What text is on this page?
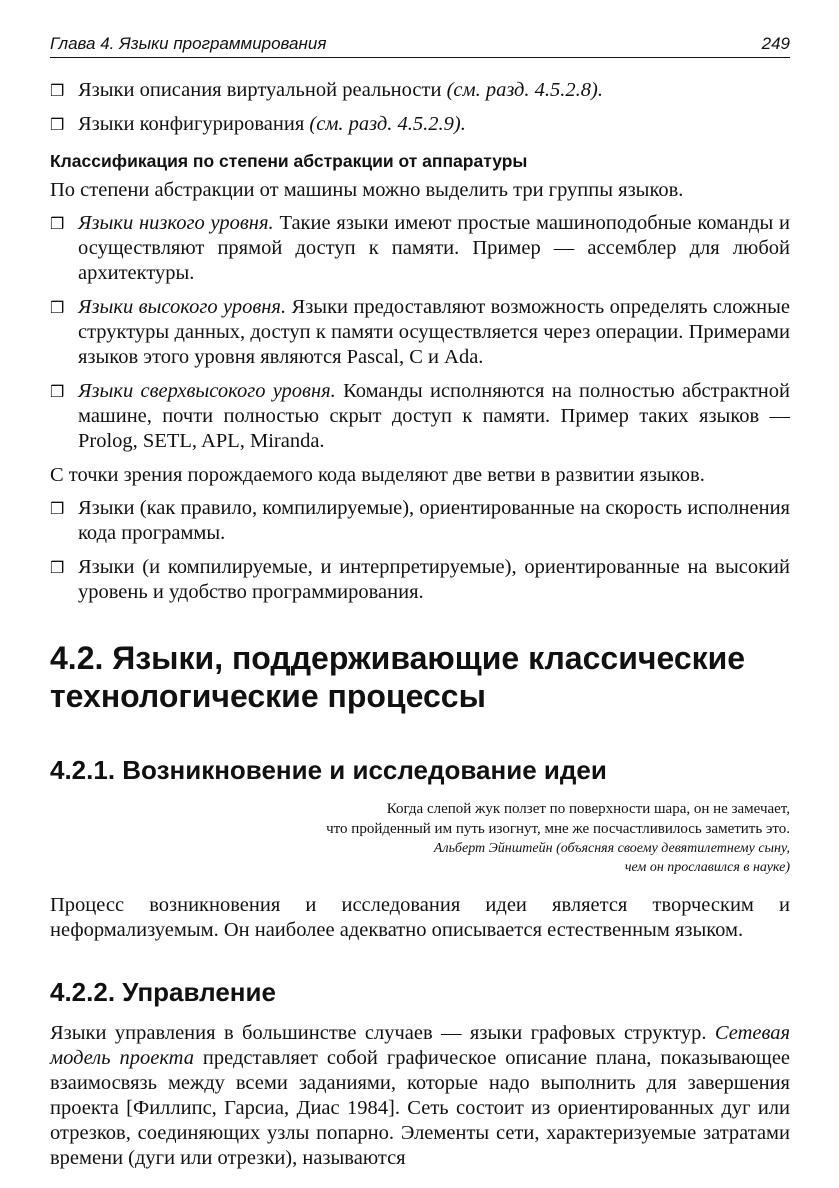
Глава 4. Языки программирования	249
❒ Языки описания виртуальной реальности (см. разд. 4.5.2.8).
❒ Языки конфигурирования (см. разд. 4.5.2.9).
Классификация по степени абстракции от аппаратуры

По степени абстракции от машины можно выделить три группы языков.

❒ Языки низкого уровня. Такие языки имеют простые машиноподобные команды и осуществляют прямой доступ к памяти. Пример — ассемблер для любой архитектуры.
❒ Языки высокого уровня. Языки предоставляют возможность определять сложные структуры данных, доступ к памяти осуществляется через операции. Примерами языков этого уровня являются Pascal, С и Ada.
❒ Языки сверхвысокого уровня. Команды исполняются на полностью абстрактной машине, почти полностью скрыт доступ к памяти. Пример таких языков — Prolog, SETL, APL, Miranda.

С точки зрения порождаемого кода выделяют две ветви в развитии языков.

❒ Языки (как правило, компилируемые), ориентированные на скорость исполнения кода программы.
❒ Языки (и компилируемые, и интерпретируемые), ориентированные на высокий уровень и удобство программирования.
4.2. Языки, поддерживающие классические технологические процессы
4.2.1. Возникновение и исследование идеи
Когда слепой жук ползет по поверхности шара, он не замечает,
что пройденный им путь изогнут, мне же посчастливилось заметить это.
Альберт Эйнштейн (объясняя своему девятилетнему сыну,
чем он прославился в науке)

Процесс возникновения и исследования идеи является творческим и неформализуемым. Он наиболее адекватно описывается естественным языком.

4.2.2. Управление

Языки управления в большинстве случаев — языки графовых структур. Сетевая модель проекта представляет собой графическое описание плана, показывающее взаимосвязь между всеми заданиями, которые надо выполнить для завершения проекта [Филлипс, Гарсиа, Диас 1984]. Сеть состоит из ориентированных дуг или отрезков, соединяющих узлы попарно. Элементы сети, характеризуемые затратами времени (дуги или отрезки), называются
